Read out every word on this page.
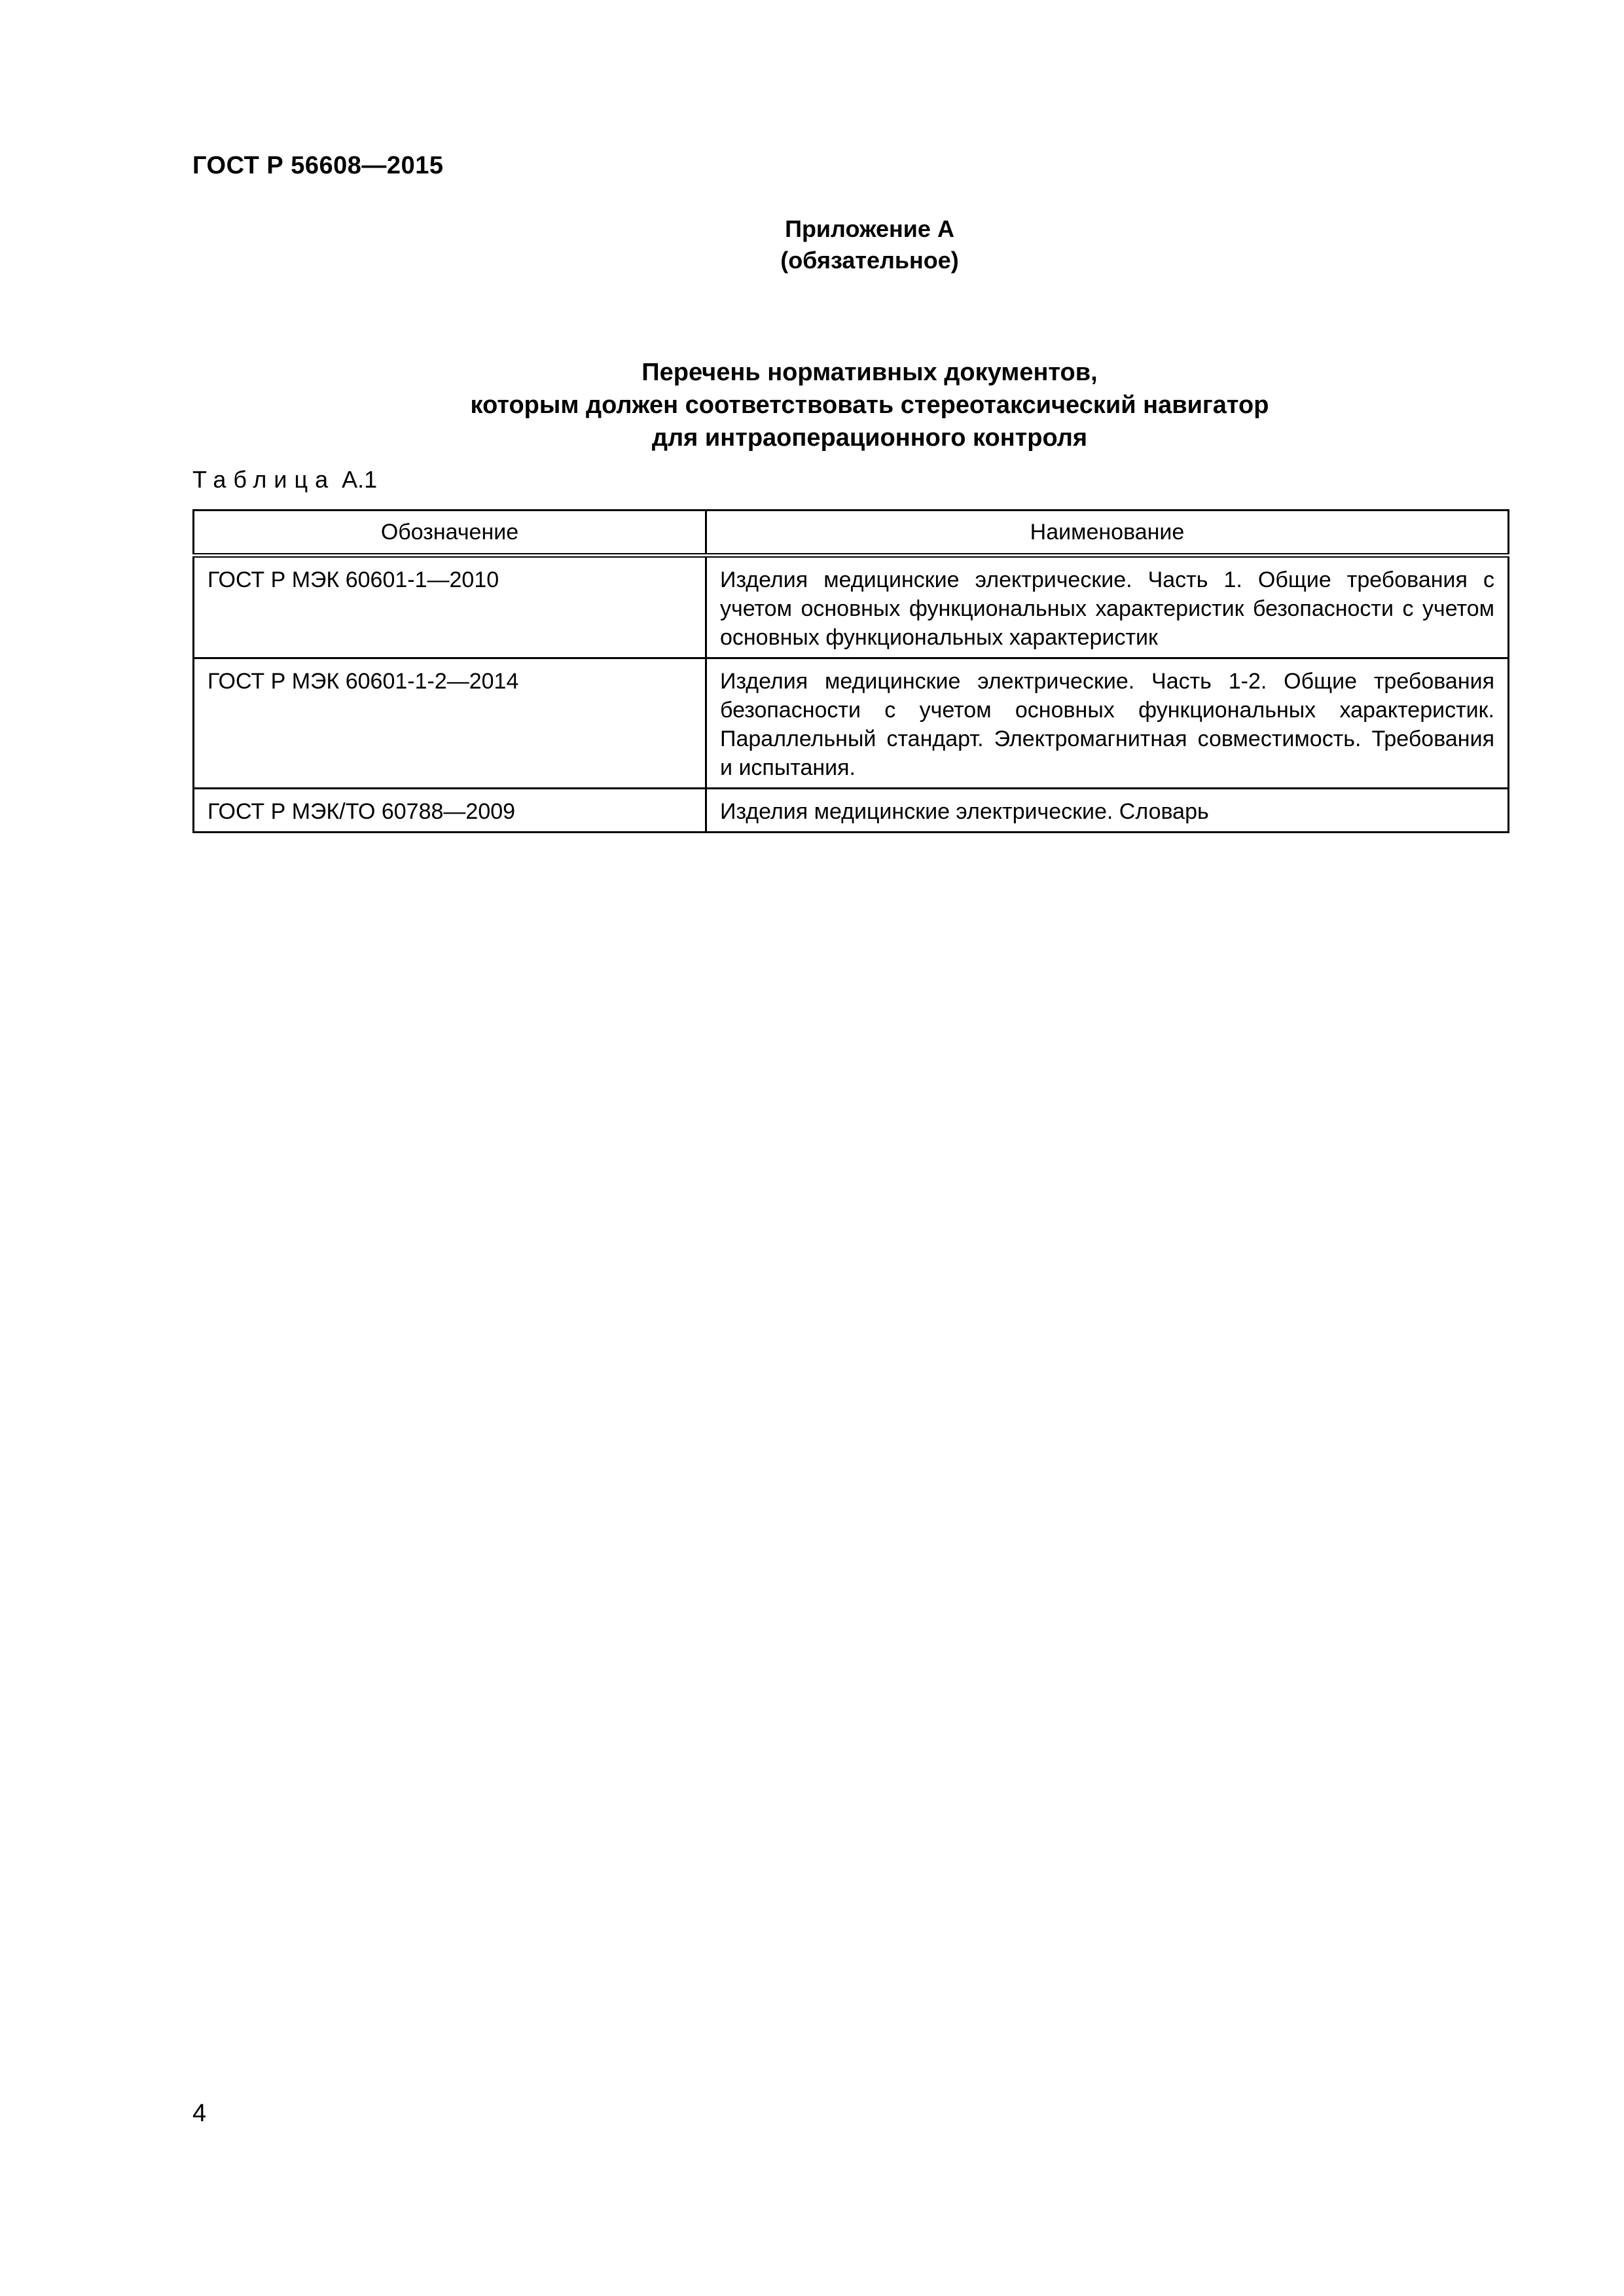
ГОСТ Р 56608—2015
Приложение А
(обязательное)
Перечень нормативных документов,
которым должен соответствовать стереотаксический навигатор
для интраоперационного контроля
Таблица А.1
Обозначение	Наименование
ГОСТ Р МЭК 60601-1—2010	Изделия медицинские электрические. Часть 1. Общие требования с учетом основных функциональных характеристик безопасности с учетом основных функциональных характеристик
ГОСТ Р МЭК 60601-1-2—2014	Изделия медицинские электрические. Часть 1-2. Общие требования безопасности с учетом основных функциональных характеристик. Параллельный стандарт. Электромагнитная совместимость. Требования и испытания.
ГОСТ Р МЭК/ТО 60788—2009	Изделия медицинские электрические. Словарь
4
